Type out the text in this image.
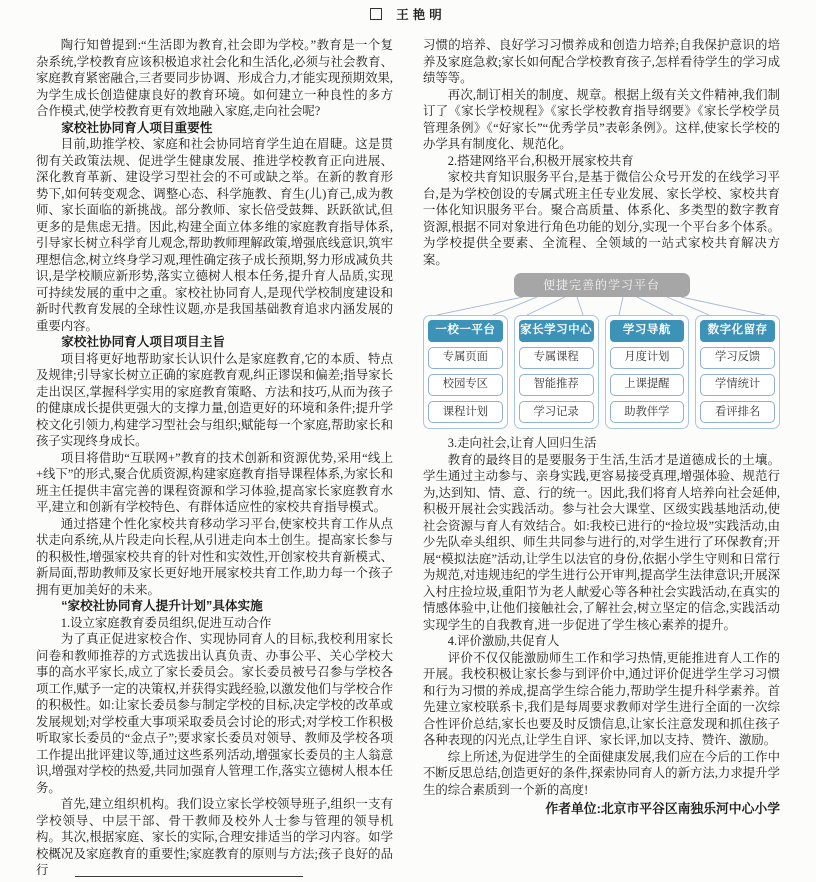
王艳明

陶行知曾提到:“生活即为教育,社会即为学校。”教育是一个复杂系统,学校教育应该积极追求社会化和生活化,必须与社会教育、家庭教育紧密融合,三者要同步协调、形成合力,才能实现预期效果,为学生成长创造健康良好的教育环境。如何建立一种良性的多方合作模式,使学校教育更有效地融入家庭,走向社会呢?

家校社协同育人项目重要性

目前,助推学校、家庭和社会协同培育学生迫在眉睫。这是贯彻有关政策法规、促进学生健康发展、推进学校教育正向进展、深化教育革新、建设学习型社会的不可或缺之举。在新的教育形势下,如何转变观念、调整心态、科学施教、育生(儿)育己,成为教师、家长面临的新挑战。部分教师、家长倍受鼓舞、跃跃欲试,但更多的是焦虑无措。因此,构建全面立体多维的家庭教育指导体系,引导家长树立科学育儿观念,帮助教师理解政策,增强底线意识,筑牢理想信念,树立终身学习观,理性确定孩子成长预期,努力形成减负共识,是学校顺应新形势,落实立德树人根本任务,提升育人品质,实现可持续发展的重中之重。家校社协同育人,是现代学校制度建设和新时代教育发展的全球性议题,亦是我国基础教育追求内涵发展的重要内容。

家校社协同育人项目项目主旨

项目将更好地帮助家长认识什么是家庭教育,它的本质、特点及规律;引导家长树立正确的家庭教育观,纠正谬误和偏差;指导家长走出误区,掌握科学实用的家庭教育策略、方法和技巧,从而为孩子的健康成长提供更强大的支撑力量,创造更好的环境和条件;提升学校文化引领力,构建学习型社会与组织;赋能每一个家庭,帮助家长和孩子实现终身成长。

项目将借助“互联网+”教育的技术创新和资源优势,采用“线上+线下”的形式,聚合优质资源,构建家庭教育指导课程体系,为家长和班主任提供丰富完善的课程资源和学习体验,提高家长家庭教育水平,建立和创新有学校特色、有群体适应性的家校共育指导模式。

通过搭建个性化家校共育移动学习平台,使家校共育工作从点状走向系统,从片段走向长程,从引进走向本土创生。提高家长参与的积极性,增强家校共育的针对性和实效性,开创家校共育新模式、新局面,帮助教师及家长更好地开展家校共育工作,助力每一个孩子拥有更加美好的未来。

“家校社协同育人提升计划”具体实施

1.设立家庭教育委员组织,促进互动合作

为了真正促进家校合作、实现协同育人的目标,我校利用家长问卷和教师推荐的方式选拔出认真负责、办事公平、关心学校大事的高水平家长,成立了家长委员会。家长委员被号召参与学校各项工作,赋予一定的决策权,并获得实践经验,以激发他们与学校合作的积极性。如:让家长委员参与制定学校的目标,决定学校的改革或发展规划;对学校重大事项采取委员会讨论的形式;对学校工作积极听取家长委员的“金点子”;要求家长委员对领导、教师及学校各项工作提出批评建议等,通过这些系列活动,增强家长委员的主人翁意识,增强对学校的热爱,共同加强育人管理工作,落实立德树人根本任务。

首先,建立组织机构。我们设立家长学校领导班子,组织一支有学校领导、中层干部、骨干教师及校外人士参与管理的领导机构。其次,根据家庭、家长的实际,合理安排适当的学习内容。如学校概况及家庭教育的重要性;家庭教育的原则与方法;孩子良好的品行

习惯的培养、良好学习习惯养成和创造力培养;自我保护意识的培养及家庭急救;家长如何配合学校教育孩子,怎样看待学生的学习成绩等等。

再次,制订相关的制度、规章。根据上级有关文件精神,我们制订了《家长学校规程》《家长学校教育指导纲要》《家长学校学员管理条例》《“好家长”“优秀学员”表彰条例》。这样,使家长学校的办学具有制度化、规范化。

2.搭建网络平台,积极开展家校共育

家校共育知识服务平台,是基于微信公众号开发的在线学习平台,是为学校创设的专属式班主任专业发展、家长学校、家校共育一体化知识服务平台。聚合高质量、体系化、多类型的数字教育资源,根据不同对象进行角色功能的划分,实现一个平台多个体系。为学校提供全要素、全流程、全领域的一站式家校共育解决方案。

便捷完善的学习平台
一校一平台
专属页面
校园专区
课程计划
家长学习中心
专属课程
智能推荐
学习记录
学习导航
月度计划
上课提醒
助教伴学
数字化留存
学习反馈
学情统计
看评排名

3.走向社会,让育人回归生活

教育的最终目的是要服务于生活,生活才是道德成长的土壤。学生通过主动参与、亲身实践,更容易接受真理,增强体验、规范行为,达到知、情、意、行的统一。因此,我们将育人培养向社会延伸,积极开展社会实践活动。参与社会大课堂、区级实践基地活动,使社会资源与育人有效结合。如:我校已进行的“捡垃圾”实践活动,由少先队牵头组织、师生共同参与进行的,对学生进行了环保教育;开展“模拟法庭”活动,让学生以法官的身份,依据小学生守则和日常行为规范,对违规违纪的学生进行公开审判,提高学生法律意识;开展深入村庄捡垃圾,重阳节为老人献爱心等各种社会实践活动,在真实的情感体验中,让他们接触社会,了解社会,树立坚定的信念,实践活动实现学生的自我教育,进一步促进了学生核心素养的提升。

4.评价激励,共促育人

评价不仅仅能激励师生工作和学习热情,更能推进育人工作的开展。我校积极让家长参与到评价中,通过评价促进学生学习习惯和行为习惯的养成,提高学生综合能力,帮助学生提升科学素养。首先建立家校联系卡,我们是每周要求教师对学生进行全面的一次综合性评价总结,家长也要及时反馈信息,让家长注意发现和抓住孩子各种表现的闪光点,让学生自评、家长评,加以支持、赞许、激励。

综上所述,为促进学生的全面健康发展,我们应在今后的工作中不断反思总结,创造更好的条件,探索协同育人的新方法,力求提升学生的综合素质到一个新的高度!

作者单位:北京市平谷区南独乐河中心小学
